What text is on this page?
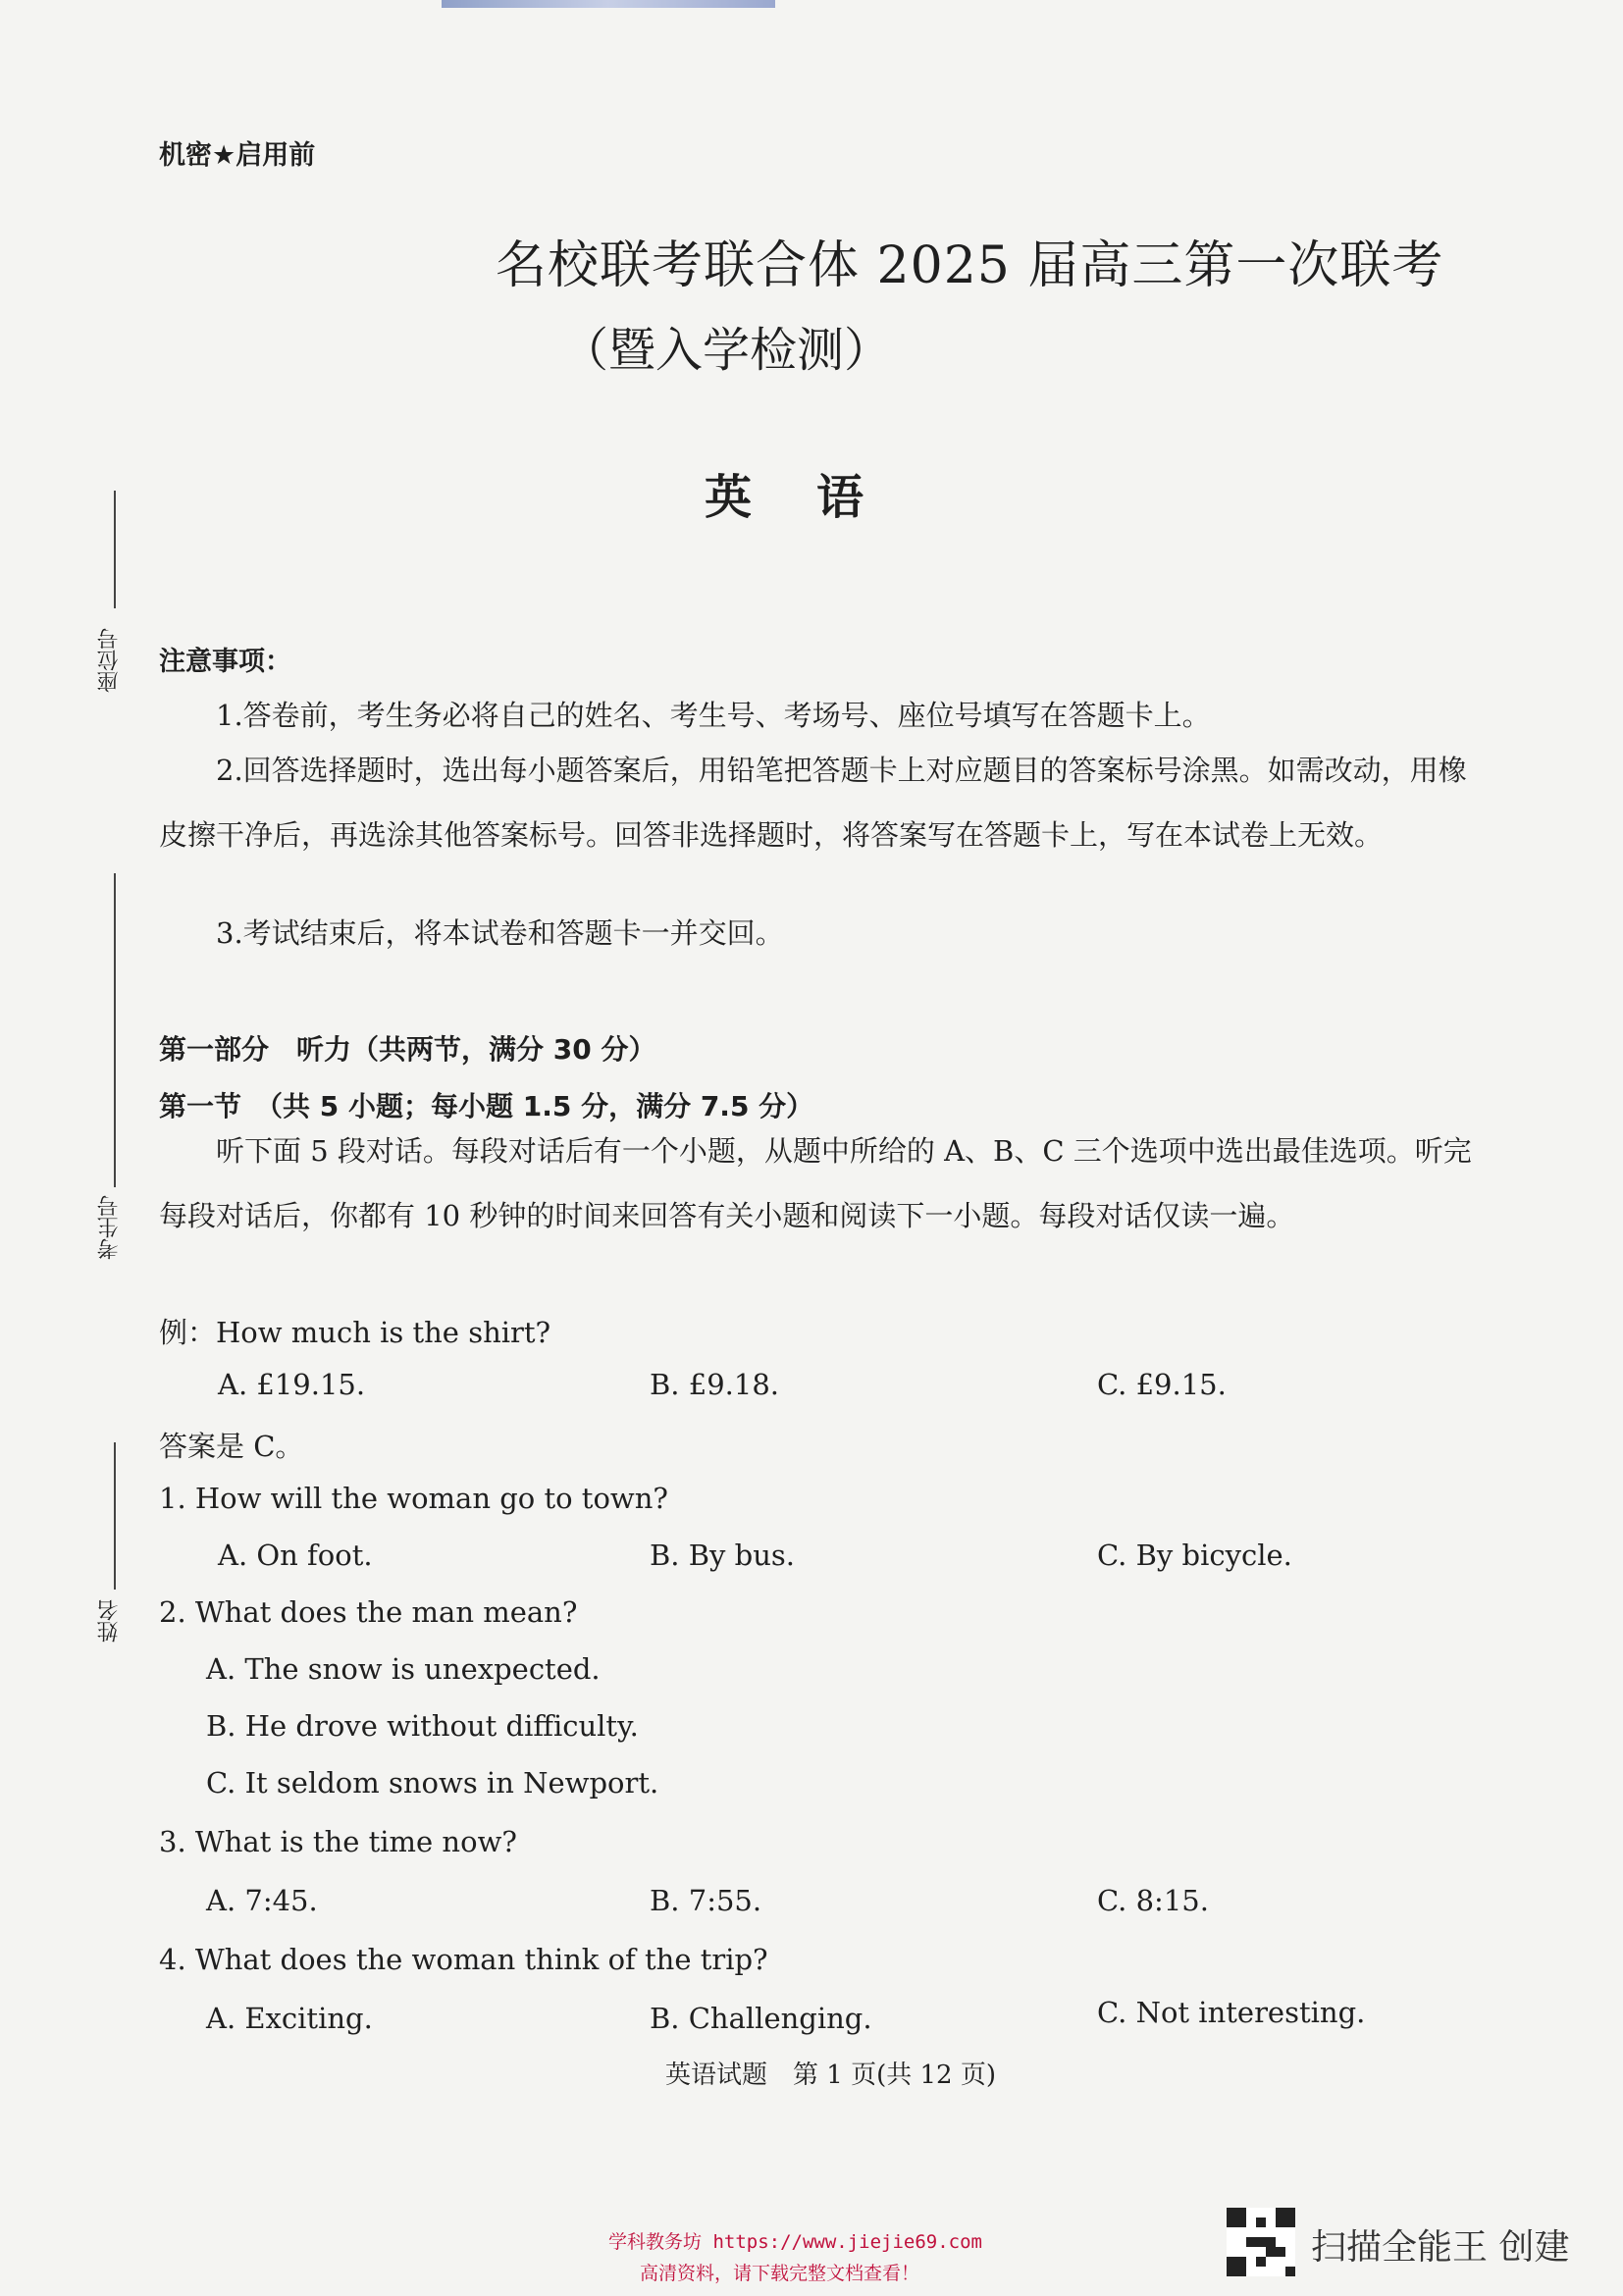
机密★启用前
名校联考联合体 2025 届高三第一次联考
（暨入学检测）
英语
座位号
考生号
姓名
注意事项：
1.答卷前，考生务必将自己的姓名、考生号、考场号、座位号填写在答题卡上。
2.回答选择题时，选出每小题答案后，用铅笔把答题卡上对应题目的答案标号涂黑。如需改动，用橡皮擦干净后，再选涂其他答案标号。回答非选择题时，将答案写在答题卡上，写在本试卷上无效。
3.考试结束后，将本试卷和答题卡一并交回。
第一部分　听力（共两节，满分 30 分）
第一节　（共 5 小题；每小题 1.5 分，满分 7.5 分）
听下面 5 段对话。每段对话后有一个小题，从题中所给的 A、B、C 三个选项中选出最佳选项。听完每段对话后，你都有 10 秒钟的时间来回答有关小题和阅读下一小题。每段对话仅读一遍。
例：How much is the shirt?
A. £19.15.	B. £9.18.	C. £9.15.
答案是 C。
1. How will the woman go to town?
A. On foot.	B. By bus.	C. By bicycle.
2. What does the man mean?
A. The snow is unexpected.
B. He drove without difficulty.
C. It seldom snows in Newport.
3. What is the time now?
A. 7:45.	B. 7:55.	C. 8:15.
4. What does the woman think of the trip?
A. Exciting.	B. Challenging.	C. Not interesting.
英语试题　第 1 页(共 12 页)
学科教务坊 https://www.jiejie69.com
高清资料，请下载完整文档查看！
扫描全能王 创建
